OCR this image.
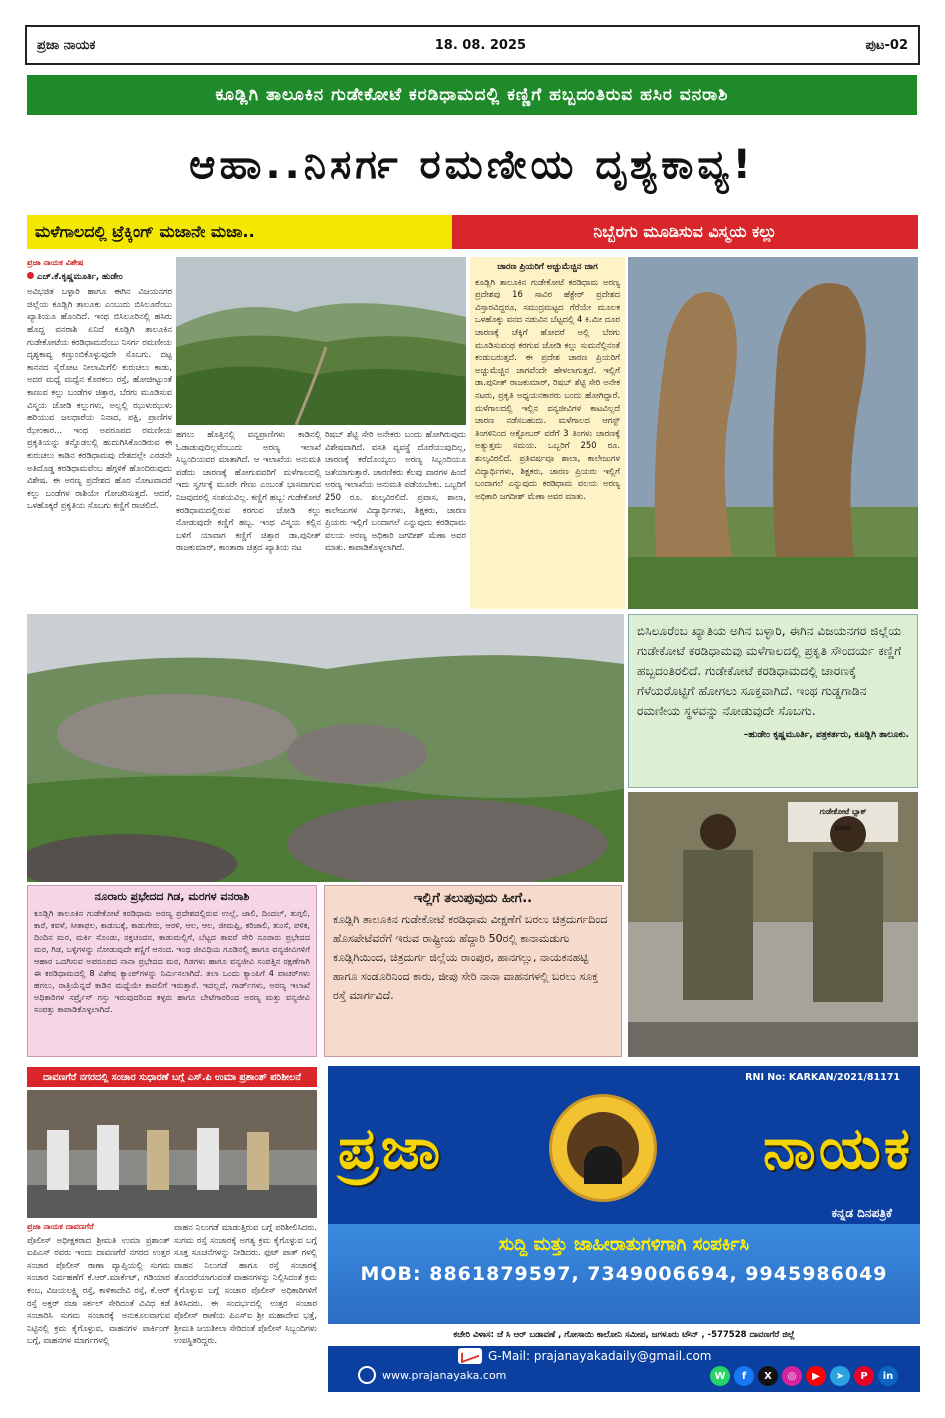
ಪ್ರಜಾ ನಾಯಕ	18. 08. 2025	ಪುಟ-02
ಕೂಡ್ಲಿಗಿ ತಾಲೂಕಿನ ಗುಡೇಕೋಟೆ ಕರಡಿಧಾಮದಲ್ಲಿ ಕಣ್ಣಿಗೆ ಹಬ್ಬದಂತಿರುವ ಹಸಿರ ವನರಾಶಿ
ಆಹಾ..ನಿಸರ್ಗ ರಮಣೀಯ ದೃಶ್ಯಕಾವ್ಯ!
ಮಳೆಗಾಲದಲ್ಲಿ ಟ್ರೆಕ್ಕಿಂಗ್ ಮಜಾನೇ ಮಜಾ..	ನಿಬ್ಬೆರಗು ಮೂಡಿಸುವ ವಿಸ್ಮಯ ಕಲ್ಲು
ಪ್ರಜಾ ನಾಯಕ ವಿಶೇಷ
ಎಚ್.ಕೆ.ಕೃಷ್ಣಮೂರ್ತಿ, ಹುಡೇಂ

ಅವಿಭಜಿತ ಬಳ್ಳಾರಿ ಹಾಗೂ ಈಗಿನ ವಿಜಯನಗರ ಜಿಲ್ಲೆಯ ಕೂಡ್ಲಿಗಿ ತಾಲೂಕು ಎಂಬುದು ಬಿಸಿಲೂರೆಂಬು ಖ್ಯಾತಿಯೂ ಹೊಂದಿದೆ. ಇಂಥ ಬಿಸಿಲೂರಿನಲ್ಲಿ ಹಸಿರು ಹೊದ್ದ ವನರಾಶಿ ಏನಿದೆ ಕೂಡ್ಲಿಗಿ ತಾಲೂಕಿನ ಗುಡೇಕೋಟೆಯ ಕರಡಿಧಾಮದೆಂಬು ನಿಸರ್ಗ ರಮಣೀಯ ದೃಶ್ಯಕಾವ್ಯ ಕಣ್ತುಂಬಿಕೊಳ್ಳುವುದೇ ಸೊಬಗು. ದಟ್ಟ ಕಾನನದ ಸೈರೋಟ ನೀಲಾಮಿಗೆಲಿ ಕುರುಚಲು ಕಾಡು, ಅದರ ಮಧ್ಯೆ ಮಧ್ಯೆನ ಕೊರಕಲು ರಸ್ತೆ, ಹೋಜೀಟ್ಟುಂತೆ ಕಾಣುವ ಕಲ್ಲು ಬಂಡೆಗಳ ಚಿತ್ತಾರ, ಬೆರಗು ಮೂಡಿಸುವ ವಿಸ್ಮಯ ಜೋಡಿ ಕಲ್ಲುಗಳು, ಅಲ್ಲಲ್ಲಿ ಝುಳುಝುಳು ಹರಿಯುವ ಜಲಧಾರೆಯ ನಿನಾದ, ಪಕ್ಷಿ, ಪ್ರಾಣಿಗಳ ಝೇಂಕಾರ... ಇಂಥ ಅಪರೂಪದ ರಮಣೀಯ ಪ್ರಕೃತಿಯನ್ನು ತನ್ನೊಡಲಲ್ಲಿ ಹುದುಗಿಸಿಕೊಂಡಿರುವ ಈ ಕುರುಚಲು ಕಾಡಿನ ಕರಡಿಧಾಮವು ದೇಶದಲ್ಲೇ ಎರಡನೇ ಅತಿದೊಡ್ಡ ಕರಡಿಧಾಮವೆಂಬ ಹೆಗ್ಗಳಿಕೆ ಹೊಂದಿರುವುದು ವಿಶೇಷ. ಈ ಅರಣ್ಯ ಪ್ರದೇಶದ ಹೊರ ನೋಟವಾದರೆ ಕಲ್ಲು ಬಂಡೆಗಳ ರಾಶಿಯೇ ಗೋಚರಿಸುತ್ತದೆ. ಆದರೆ, ಒಳಹೊಕ್ಕರೆ ಪ್ರಕೃತಿಯ ಸೊಬಗು ಕಣ್ಣಿಗೆ ರಾಚಲಿದೆ.

ಹಗಲು ಹೊತ್ತಿನಲ್ಲಿ ವನ್ಯಪ್ರಾಣಿಗಳು ಕಾಡಿನಲ್ಲಿ ಓಡಾಡುವುದಿಲ್ಲವೆಂಬುದು ಅರಣ್ಯ ಇಲಾಖೆ ಸಿಬ್ಬಂದಿಯವರ ಮಾತಾಗಿದೆ. ಆ ಇಲಾಖೆಯ ಅನುಮತಿ ಪಡೆದು ಚಾರಣಕ್ಕೆ ಹೋಗುವವರಿಗೆ ಮಳೆಗಾಲದಲ್ಲಿ ಇದು ಸ್ವರ್ಗಕ್ಕೆ ಮೂರೇ ಗೇಣು ಎಂಬಂತೆ ಭಾಸವಾಗುವ ನಿಜವುದರಲ್ಲಿ ಸಂಶಯವಿಲ್ಲ. ಕಣ್ಣಿಗೆ ಹಬ್ಬ: ಗುಡೇಕೋಟೆ ಕರಡಿಧಾಮದಲ್ಲಿರುವ ಕರಗುವ ಜೋಡಿ ಕಲ್ಲು ನೋಡುವುದೇ ಕಣ್ಣಿಗೆ ಹಬ್ಬ. ಇಂಥ ವಿಸ್ಮಯ ಕಲ್ಲಿನ ಬಳಿಗೆ ಯಾವಾಗ ಕಣ್ಣಿಗೆ ಚಿತ್ತಾರ ಡಾ.ಪುನೀತ್ ರಾಜಕುಮಾರ್, ಕಾಂತಾರಾ ಚಿತ್ರದ ಖ್ಯಾತಿಯ ನಟ

ರಿಷಬ್ ಶೆಟ್ಟಿ ಸೇರಿ ಅನೇಕರು ಬಂದು ಹೋಗಿರುವುದು ವಿಶೇಷವಾಗಿದೆ. ವಸತಿ ವ್ಯವಸ್ಥೆ ದೊರೆಯುವುದಿಲ್ಲ, ಚಾರಣಕ್ಕೆ ಕರೆದೊಯ್ಯಲು ಅರಣ್ಯ ಸಿಬ್ಬಂದಿಯೂ ಜತೆಯಾಗುತ್ತಾರೆ. ಚಾರಣಿಕರು ಕೆಲವು ವಾರಗಳ ಹಿಂದೆ ಅರಣ್ಯ ಇಲಾಖೆಯ ಅನುಮತಿ ಪಡೆಯಬೇಕು. ಒಬ್ಬರಿಗೆ 250 ರೂ. ಶುಲ್ಕವಿರಲಿದೆ. ಪ್ರವಾಸ, ಶಾಲಾ, ಕಾಲೇಜುಗಳ ವಿದ್ಯಾರ್ಥಿಗಳು, ಶಿಕ್ಷಕರು, ಚಾರಣ ಪ್ರಿಯರು ಇಲ್ಲಿಗೆ ಬಂದಾಗಲೆ ಎನ್ನುವುದು ಕರಡಿಧಾಮ ವಲಯ ಅರಣ್ಯ ಅಧಿಕಾರಿ ಜಗದೀಶ್ ಮೆಣಾ ಅವರ ಮಾತು. ಕಾಪಾಡಿಕೊಳ್ಳಲಾಗಿದೆ.

ಚಾರಣ ಪ್ರಿಯರಿಗೆ ಅಚ್ಚುಮೆಚ್ಚಿನ ಜಾಗ

ಕೂಡ್ಲಿಗಿ ತಾಲೂಕಿನ ಗುಡೇಕೋಟೆ ಕರಡಿಧಾಮ ಅರಣ್ಯ ಪ್ರದೇಶವು 16 ಸಾವಿರ ಹೆಕ್ಟೇರ್ ಪ್ರದೇಶದ ವಿಸ್ತಾರವಿದ್ದರೂ, ಸಮುದ್ರಮಟ್ಟದ ಗೆರೆಯೇ ಮೂಲಕ ಒಳಹೊಕ್ಕು ವನದ ನಡುವಿನ ಬೆಟ್ಟದಲ್ಲಿ 4 ಕಿ.ಮೀ ದೂರ ಚಾರಣಕ್ಕೆ ಚೆಕ್ಕಿಗೆ ಹೋದರೆ ಅಲ್ಲಿ ಬೆರಗು ಮೂಡಿಸುವಂಥ ಕರಗುವ ಜೋಡಿ ಕಲ್ಲು ಸುಮನೆಲ್ಲಿನಂತೆ ಕಂಡುಬರುತ್ತದೆ. ಈ ಪ್ರದೇಶ ಚಾರಣ ಪ್ರಿಯರಿಗೆ ಅಚ್ಚುಮೆಚ್ಚಿನ ಜಾಗವೆಂದೇ ಹೇಳಲಾಗುತ್ತದೆ. ಇಲ್ಲಿಗೆ ಡಾ.ಪುನೀತ್ ರಾಜಕುಮಾರ್, ರಿಷಬ್ ಶೆಟ್ಟಿ ಸೇರಿ ಅನೇಕ ನಟರು, ಪ್ರಕೃತಿ ಅಧ್ಯಯನಕಾರರು ಬಂದು ಹೋಗಿದ್ದಾರೆ. ಮಳೆಗಾಲದಲ್ಲಿ ಇಲ್ಲಿನ ವನ್ಯಜೀವಿಗಳ ಕಾಟವಿಲ್ಲದೆ ಚಾರಣ ನಡೆಸಬಹುದು. ಮಳೆಗಾಲದ ಆಗಸ್ಟ್ ತಿಂಗಳಿನಿಂದ ಅಕ್ಟೋಬರ್ ವರೆಗೆ 3 ತಿಂಗಳು ಚಾರಣಕ್ಕೆ ಅತ್ಯುತ್ತಮ ಸಮಯ. ಒಬ್ಬರಿಗೆ 250 ರೂ. ಶುಲ್ಕವಿರಲಿದೆ. ಪ್ರತಿವರ್ಷವೂ ಶಾಲಾ, ಕಾಲೇಜುಗಳ ವಿದ್ಯಾರ್ಥಿಗಳು, ಶಿಕ್ಷಕರು, ಚಾರಣ ಪ್ರಿಯರು ಇಲ್ಲಿಗೆ ಬಂದಾಗಲೆ ಎನ್ನುವುದು ಕರಡಿಧಾಮ ವಲಯ ಅರಣ್ಯ ಅಧಿಕಾರಿ ಜಗದೀಶ್ ಮೆಣಾ ಅವರ ಮಾತು.

ಬಿಸಿಲೂರೆಂಬ ಖ್ಯಾತಿಯ ಅಗಿನ ಬಳ್ಳಾರಿ, ಈಗಿನ ವಿಜಯನಗರ ಜಿಲ್ಲೆಯ ಗುಡೇಕೋಟೆ ಕರಡಿಧಾಮವು ಮಳೆಗಾಲದಲ್ಲಿ ಪ್ರಕೃತಿ ಸೌಂದರ್ಯ ಕಣ್ಣಿಗೆ ಹಬ್ಬದಂತಿರಲಿದೆ. ಗುಡೇಕೋಟೆ ಕರಡಿಧಾಮದಲ್ಲಿ ಚಾರಣಕ್ಕೆ ಗೆಳೆಯರೊಟ್ಟಿಗೆ ಹೋಗಲು ಸೂಕ್ತವಾಗಿದೆ. ಇಂಥ ಗುಡ್ಡಗಾಡಿನ ರಮಣೀಯ ಸ್ಥಳವನ್ನು ನೋಡುವುದೇ ಸೊಬಗು.
–ಹುಡೇಂ ಕೃಷ್ಣಮೂರ್ತಿ, ಪತ್ರಕರ್ತರು, ಕೂಡ್ಲಿಗಿ ತಾಲೂಕು.
ಗುಡೇಕೋಟೆ ಬ್ಲಾಕ್
ಬರಾವ
ನೂರಾರು ಪ್ರಭೇದದ ಗಿಡ, ಮರಗಳ ವನರಾಶಿ
ಕೂಡ್ಲಿಗಿ ತಾಲೂಕಿನ ಗುಡೇಕೋಟೆ ಕರಡಿಧಾಮ ಅರಣ್ಯ ಪ್ರದೇಶದಲ್ಲಿರುವ ಉಲ್ಲೆ, ಜಾಲಿ, ದಿಂದಲ್, ತುಗ್ಗಲಿ, ಕಾರೆ, ಕವಳೆ, ಸೀತಾಫಲ, ಕಾಡುಬಕ್ಕೆ, ಕಾಡುಗೇರು, ಆರಳಿ, ಆಲ, ಆಲ, ಜೀಮಪ್ಪಿ, ಕರಿಜಾಲಿ, ತುಂಸೆ, ಪಳಿಕ, ದಿಂದಿನ ಮರ, ಮರ್ಕಿ ಸೊಂಡು, ರಕ್ತಚಂದನ, ಕಾಡುಮಲ್ಲಿಗೆ, ಬೆಟ್ಟದ ತಾವರೆ ಸೇರಿ ನೂರಾರು ಪ್ರಭೇದದ ಮರ, ಗಿಡ, ಬಳ್ಳಿಗಳನ್ನು ನೋಡುವುದೇ ಕಣ್ಣಿಗೆ ಆನಂದ. ಇಂಥ ಜೀವಿಧಿಯ ಗೂಡಿನಲ್ಲಿ ಹಾಗೂ ವನ್ಯಜೀವಿಗಳಿಗೆ ಆಹಾರ ಒದಗಿಸುವ ಅಪರೂಪದ ನಾನಾ ಪ್ರಭೇದದ ಮರ, ಗಿಡಗಳು ಹಾಗೂ ವನ್ಯಜೀವಿ ಸಂಪತ್ತಿನ ರಕ್ಷಣೆಗಾಗಿ ಈ ಕರಡಿಧಾಮದಲ್ಲಿ 8 ವಿಶೇಷ ಕ್ಯಾಂಪ್‌ಗಳನ್ನು ನಿರ್ಮಿಸಲಾಗಿದೆ. ತಲಾ ಒಂದು ಕ್ಯಾಂಪಿಗೆ 4 ವಾಚರ್‌ಗಳು ಹಗಲು, ರಾತ್ರಿಯೆನ್ನದೆ ಕಾಡಿನ ಮಧ್ಯೆಯೇ ಕಾವಲಿಗೆ ಇರುತ್ತಾರೆ. ಇದಲ್ಲದೆ, ಗಾರ್ಡ್‌ಗಳು, ಅರಣ್ಯ ಇಲಾಖೆ ಅಧಿಕಾರಿಗಳ ಸರ್ಪ್ರೈಸ್ ಗಸ್ತು ಇರುವುದರಿಂದ ಕಳ್ಳರು ಹಾಗೂ ಬೇಟೆಗಾರರಿಂದ ಅರಣ್ಯ ಮತ್ತು ವನ್ಯಜೀವಿ ಸಂಪತ್ತು ಕಾಪಾಡಿಕೊಳ್ಳಲಾಗಿದೆ.
ಇಲ್ಲಿಗೆ ತಲುಪುವುದು ಹೀಗೆ..
ಕೂಡ್ಲಿಗಿ ತಾಲೂಕಿನ ಗುಡೇಕೋಟೆ ಕರಡಿಧಾಮ ವೀಕ್ಷಣೆಗೆ ಬರಲು ಚಿತ್ರದುರ್ಗದಿಂದ ಹೊಸಪೇಟೆವರೆಗೆ ಇರುವ ರಾಷ್ಟ್ರೀಯ ಹೆದ್ದಾರಿ 50ರಲ್ಲಿ ಕಾನಾಮಡುಗು ಕೂಡ್ಲಿಗಿಯಿಂದ, ಚಿತ್ರದುರ್ಗ ಜಿಲ್ಲೆಯ ರಾಂಪುರ, ಹಾನಗಲ್ಲು, ನಾಯಕನಹಟ್ಟಿ ಹಾಗೂ ಸಂಡೂರಿನಿಂದ ಕಾರು, ಜೀಪು ಸೇರಿ ನಾನಾ ವಾಹನಗಳಲ್ಲಿ ಬರಲು ಸೂಕ್ತ ರಸ್ತೆ ಮಾರ್ಗವಿದೆ.
ದಾವಣಗೆರೆ ನಗರದಲ್ಲಿ ಸಂಚಾರ ಸುಧಾರಣೆ ಬಗ್ಗೆ ಎಸ್.ಪಿ ಉಮಾ ಪ್ರಶಾಂತ್ ಪರಿಶೀಲನೆ
ಪ್ರಜಾ ನಾಯಕ ದಾವಣಗೆರೆ

ಪೊಲೀಸ್ ಅಧೀಕ್ಷಕರಾದ ಶ್ರೀಮತಿ ಉಮಾ ಪ್ರಶಾಂತ್ ಐಪಿಎಸ್ ರವರು ಇಂದು ದಾವಣಗೆರೆ ನಗರದ ಉತ್ತರ ಸಂಚಾರ ಪೊಲೀಸ್ ಠಾಣಾ ವ್ಯಾಪ್ತಿಯಲ್ಲಿ ಸುಗಮ ಸಂಚಾರ ನಿರ್ವಹಣೆಗೆ ಕೆ.ಆರ್.ಮಾರ್ಕೆಟ್, ಗಡಿಯಾರ ಕಂಬ, ವಿಜಯಲಕ್ಷ್ಮಿ ರಸ್ತೆ, ಕಾಳಿಕಾದೇವಿ ರಸ್ತೆ, ಕೆ.ಆರ್ ರಸ್ತೆ ಅಕ್ತರ್ ರಜಾ ಸರ್ಕಲ್ ಸೇರಿದಂತೆ ವಿವಿಧ ಕಡೆ ಸಂಚಾರಿಸಿ ಸುಗಮ ಸಂಚಾರಕ್ಕೆ ಅನುಕೂಲವಾಗುವ ನಿಟ್ಟಿನಲ್ಲಿ ಕ್ರಮ ಕೈಗೊಳ್ಳುವ, ವಾಹನಗಳ ಪಾರ್ಕಿಂಗ್ ಬಗ್ಗೆ, ವಾಹನಗಳ ಮಾರ್ಗಗಳಲ್ಲಿ

ವಾಹನ ನಿಲುಗಡೆ ಮಾಡುತ್ತಿರುವ ಬಗ್ಗೆ ಪರಿಶೀಲಿಸಿದರು. ಸುಗಮ ರಸ್ತೆ ಸಂಚಾರಕ್ಕೆ ಅಗತ್ಯ ಕ್ರಮ ಕೈಗೊಳ್ಳುವ ಬಗ್ಗೆ ಸೂಕ್ತ ಸೂಚನೆಗಳನ್ನು ನೀಡಿದರು. ಫುಟ್ ಪಾತ್ ಗಳಲ್ಲಿ ವಾಹನ ನಿಲುಗಡೆ ಹಾಗೂ ರಸ್ತೆ ಸಂಚಾರಕ್ಕೆ ತೊಂದರೆಯಾಗುವಂತೆ ವಾಹನಗಳನ್ನು ನಿಲ್ಲಿಸಿದಂತೆ ಕ್ರಮ ಕೈಗೊಳ್ಳುವ ಬಗ್ಗೆ ಸಂಚಾರ ಪೊಲೀಸ್ ಅಧಿಕಾರಿಗಳಿಗೆ ತಿಳಿಸಿದರು. ಈ ಸಂದರ್ಭದಲ್ಲಿ ಉತ್ತರ ಸಂಚಾರ ಪೊಲೀಸ್ ಠಾಣೆಯ ಪಿಎಸ್ಐ ಶ್ರೀ ಮಹಾದೇವ ಭತ್ತೆ, ಶ್ರೀಮತಿ ಜಯಶೀಲಾ ಸೇರಿದಂತೆ ಪೊಲೀಸ್ ಸಿಬ್ಬಂದಿಗಳು ಉಪಸ್ಥಿತರಿದ್ದರು.

RNI No: KARKAN/2021/81171
ಪ್ರಜಾ	ನಾಯಕ
ಕನ್ನಡ ದಿನಪತ್ರಿಕೆ
ಸುದ್ದಿ ಮತ್ತು ಜಾಹೀರಾತುಗಳಿಗಾಗಿ ಸಂಪರ್ಕಿಸಿ
MOB: 8861879597, 7349006694, 9945986049
ಕಚೇರಿ ವಿಳಾಸ: ಜೆ ಸಿ ಆರ್ ಬಡಾವಣೆ , ಗೋಸಾಯಿ ಕಾಲೋನಿ ಸಮೀಪ, ಜಗಳೂರು ಟೌನ್ , -577528 ದಾವಣಗೆರೆ ಜಿಲ್ಲೆ
G-Mail: prajanayakadaily@gmail.com
www.prajanayaka.com	W	f	X	◎	▶	➤	P	in
